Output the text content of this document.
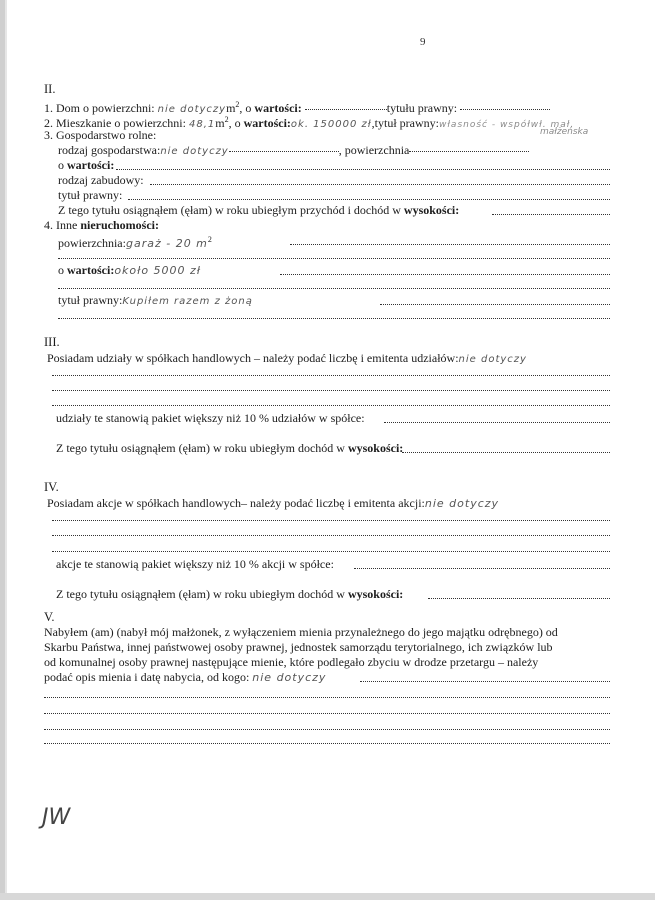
9
II.
1. Dom o powierzchni: nie dotyczym$^2$, o wartości:	tytułu prawny:
2. Mieszkanie o powierzchni: $48,1m^2$, o wartości:ok. 150000 zł,tytuł prawny:własność - współwł. mał.
małżeńska
3. Gospodarstwo rolne:
rodzaj gospodarstwa:nie dotyczy	, powierzchnia
o wartości:
rodzaj zabudowy:
tytuł prawny:
Z tego tytułu osiągnąłem (ęłam) w roku ubiegłym przychód i dochód w wysokości:
4. Inne nieruchomości:
powierzchnia:garaż - 20 $m^2$
o wartości:około 5000 zł
tytuł prawny:Kupiłem razem z żoną
III.
Posiadam udziały w spółkach handlowych – należy podać liczbę i emitenta udziałów:nie dotyczy
udziały te stanowią pakiet większy niż 10 % udziałów w spółce:
Z tego tytułu osiągnąłem (ęłam) w roku ubiegłym dochód w wysokości:
IV.
Posiadam akcje w spółkach handlowych– należy podać liczbę i emitenta akcji:nie dotyczy
akcje te stanowią pakiet większy niż 10 % akcji w spółce:
Z tego tytułu osiągnąłem (ęłam) w roku ubiegłym dochód w wysokości:
V.
Nabyłem (am) (nabył mój małżonek, z wyłączeniem mienia przynależnego do jego majątku odrębnego) od
Skarbu Państwa, innej państwowej osoby prawnej, jednostek samorządu terytorialnego, ich związków lub
od komunalnej osoby prawnej następujące mienie, które podlegało zbyciu w drodze przetargu – należy
podać opis mienia i datę nabycia, od kogo: nie dotyczy
JW
